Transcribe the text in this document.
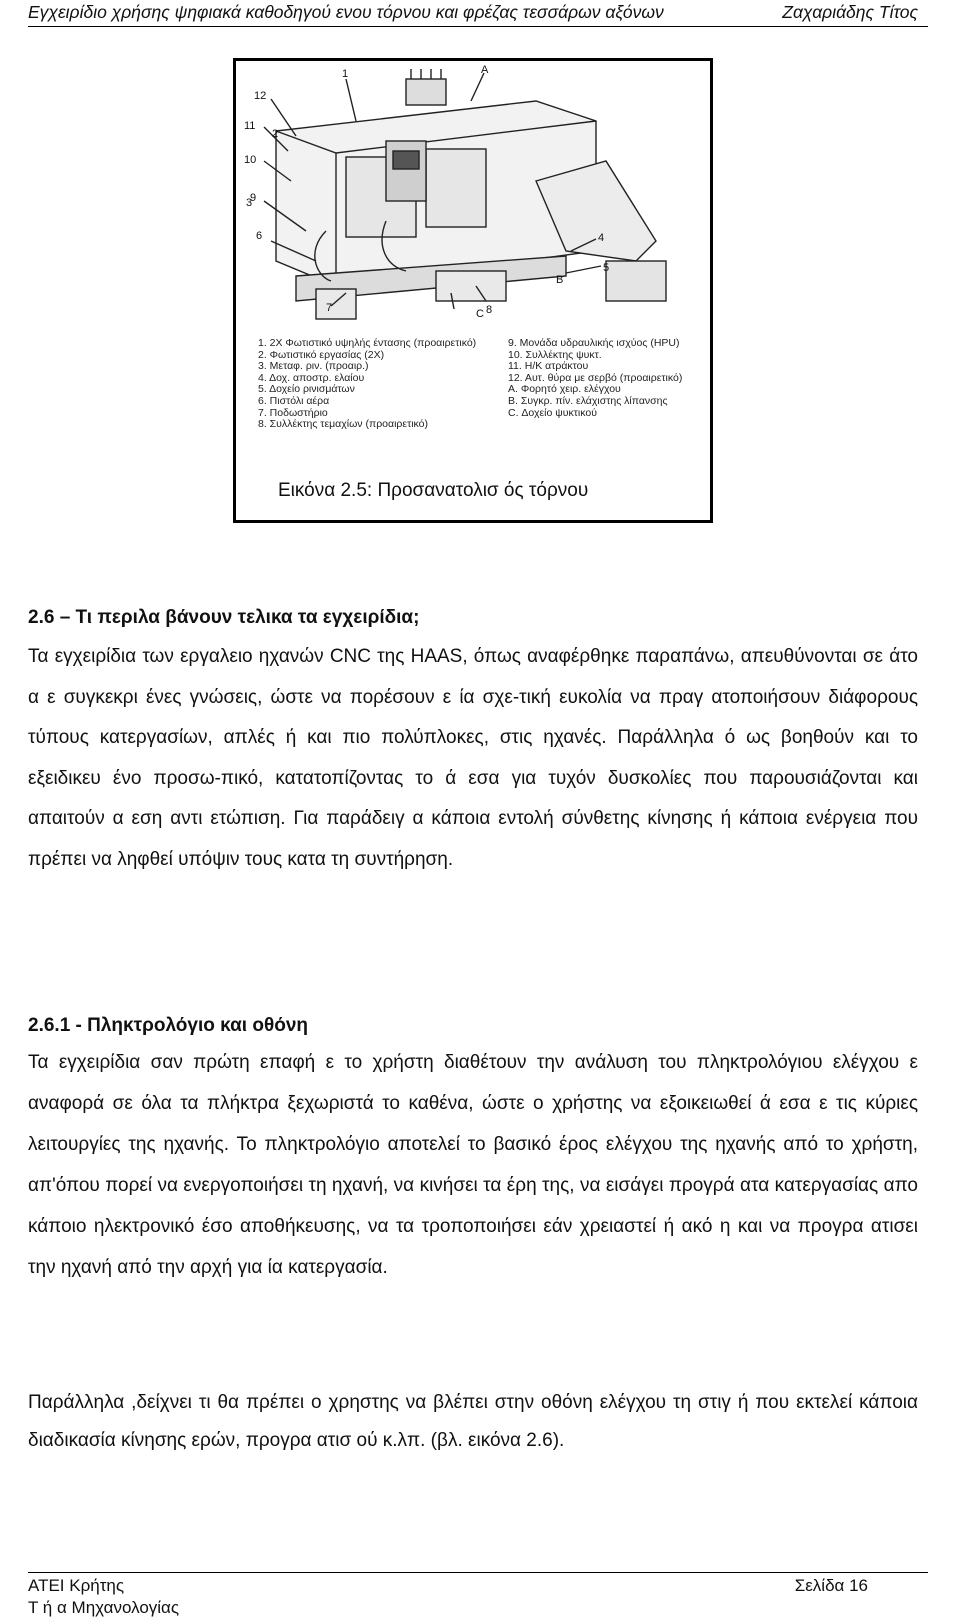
Εγχειρίδιο χρήσης ψηφιακά καθοδηγού ενου τόρνου και φρέζας τεσσάρων αξόνων	Ζαχαριάδης Τίτος
1
2
3
4
5
6
7	8
9
10
11
12
A
B
C
1. 2X Φωτιστικό υψηλής έντασης (προαιρετικό)
2. Φωτιστικό εργασίας (2X)
3. Μεταφ. ριν. (προαιρ.)
4. Δοχ. αποστρ. ελαίου
5. Δοχείο ρινισμάτων
6. Πιστόλι αέρα
7. Ποδωστήριο
8. Συλλέκτης τεμαχίων (προαιρετικό)
9. Μονάδα υδραυλικής ισχύος (HPU)
10. Συλλέκτης ψυκτ.
11. Η/Κ ατράκτου
12. Αυτ. θύρα με σερβό (προαιρετικό)
A. Φορητό χειρ. ελέγχου
B. Συγκρ. πίν. ελάχιστης λίπανσης
C. Δοχείο ψυκτικού
Εικόνα 2.5: Προσανατολισ ός τόρνου
2.6 – Τι περιλα βάνουν τελικα τα εγχειρίδια;

Τα εγχειρίδια των εργαλειο ηχανών CNC της HAAS, όπως αναφέρθηκε παραπάνω, απευθύνονται σε άτο α ε συγκεκρι ένες γνώσεις, ώστε να πορέσουν ε ία σχε-τική ευκολία να πραγ ατοποιήσουν διάφορους τύπους κατεργασίων, απλές ή και πιο πολύπλοκες, στις ηχανές. Παράλληλα ό ως βοηθούν και το εξειδικευ ένο προσω-πικό, κατατοπίζοντας το ά εσα για τυχόν δυσκολίες που παρουσιάζονται και απαιτούν α εση αντι ετώπιση. Για παράδειγ α κάποια εντολή σύνθετης κίνησης ή κάποια ενέργεια που πρέπει να ληφθεί υπόψιν τους κατα τη συντήρηση.

2.6.1 - Πληκτρολόγιο και οθόνη

Τα εγχειρίδια σαν πρώτη επαφή ε το χρήστη διαθέτουν την ανάλυση του πληκτρολόγιου ελέγχου ε αναφορά σε όλα τα πλήκτρα ξεχωριστά το καθένα, ώστε ο χρήστης να εξοικειωθεί ά εσα ε τις κύριες λειτουργίες της ηχανής. Το πληκτρολόγιο αποτελεί το βασικό έρος ελέγχου της ηχανής από το χρήστη, απ'όπου πορεί να ενεργοποιήσει τη ηχανή, να κινήσει τα έρη της, να εισάγει προγρά ατα κατεργασίας απο κάποιο ηλεκτρονικό έσο αποθήκευσης, να τα τροποποιήσει εάν χρειαστεί ή ακό η και να προγρα ατισει την ηχανή από την αρχή για ία κατεργασία.

Παράλληλα ,δείχνει τι θα πρέπει ο χρηστης να βλέπει στην οθόνη ελέγχου τη στιγ ή που εκτελεί κάποια διαδικασία κίνησης ερών, προγρα ατισ ού κ.λπ. (βλ. εικόνα 2.6).

ΑΤΕΙ Κρήτης
Τ ή α Μηχανολογίας
Σελίδα 16
